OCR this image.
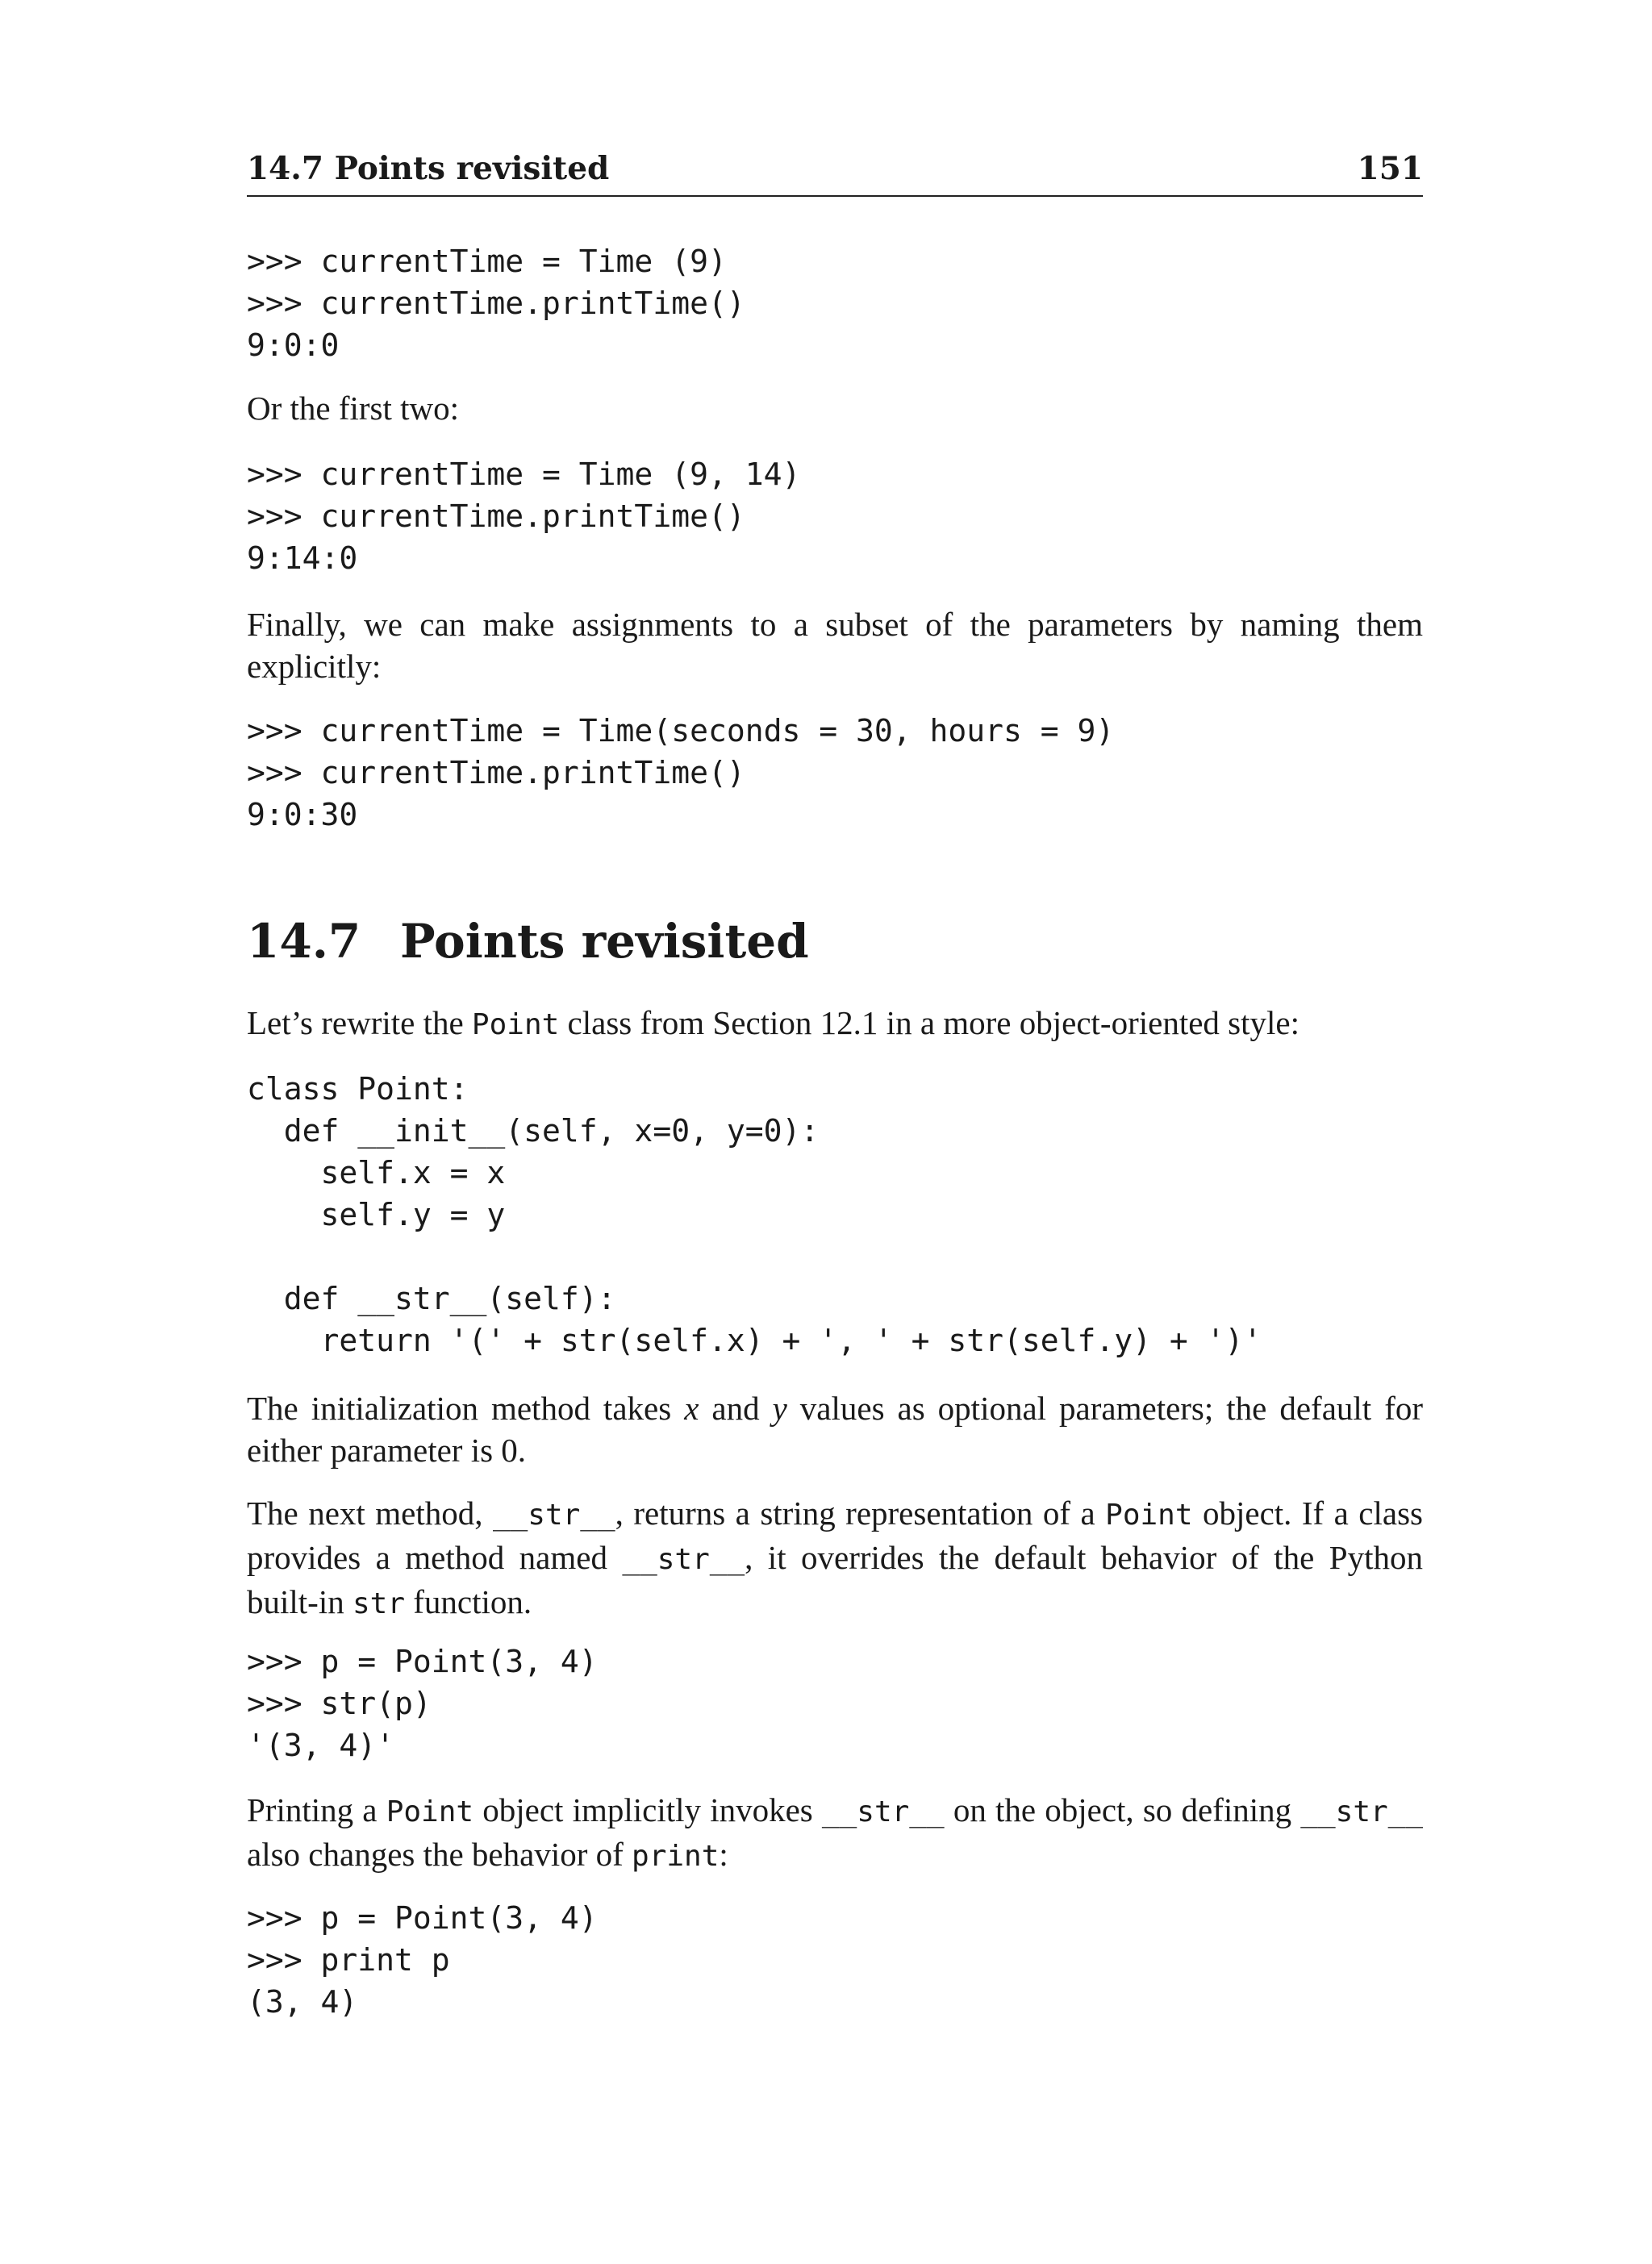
14.7 Points revisited	151
>>> currentTime = Time (9)
>>> currentTime.printTime()
9:0:0

Or the first two:

>>> currentTime = Time (9, 14)
>>> currentTime.printTime()
9:14:0

Finally, we can make assignments to a subset of the parameters by naming them explicitly:

>>> currentTime = Time(seconds = 30, hours = 9)
>>> currentTime.printTime()
9:0:30
14.7 Points revisited

Let’s rewrite the Point class from Section 12.1 in a more object-oriented style:

class Point:
def __init__(self, x=0, y=0):
self.x = x
self.y = y
def __str__(self):
return '(' + str(self.x) + ', ' + str(self.y) + ')'

The initialization method takes x and y values as optional parameters; the default for either parameter is 0.

The next method, __str__, returns a string representation of a Point object. If a class provides a method named __str__, it overrides the default behavior of the Python built-in str function.

>>> p = Point(3, 4)
>>> str(p)
'(3, 4)'

Printing a Point object implicitly invokes __str__ on the object, so defining __str__ also changes the behavior of print:

>>> p = Point(3, 4)
>>> print p
(3, 4)
